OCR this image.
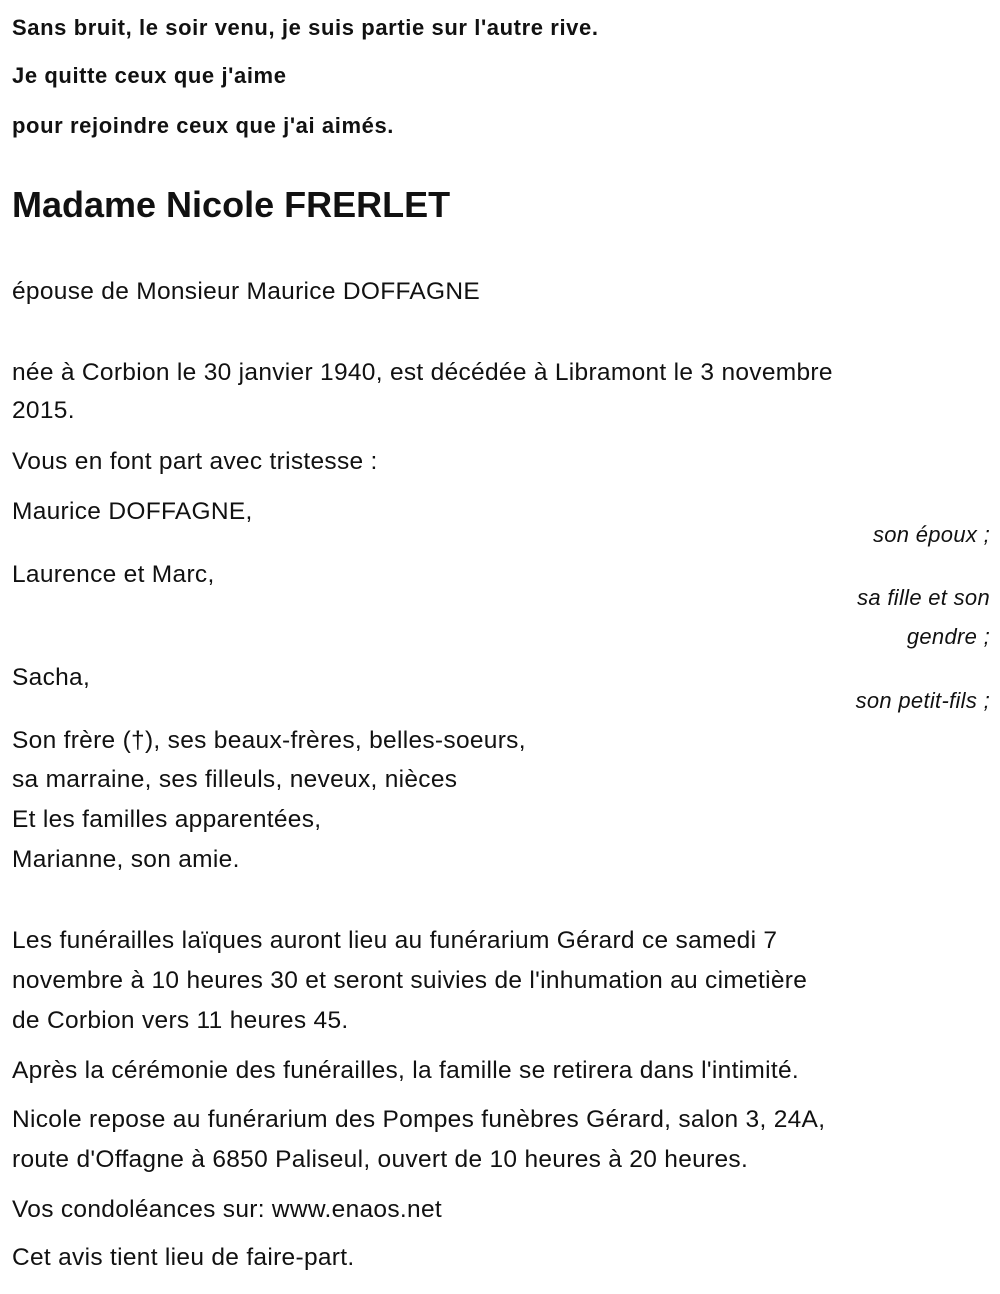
Sans bruit, le soir venu, je suis partie sur l'autre rive.
Je quitte ceux que j'aime
pour rejoindre ceux que j'ai aimés.
Madame Nicole FRERLET
épouse de Monsieur Maurice DOFFAGNE
née à Corbion le 30 janvier 1940, est décédée à Libramont le 3 novembre
2015.
Vous en font part avec tristesse :
Maurice DOFFAGNE,
son époux ;
Laurence et Marc,
sa fille et son
gendre ;
Sacha,
son petit-fils ;
Son frère (†), ses beaux-frères, belles-soeurs,
sa marraine, ses filleuls, neveux, nièces
Et les familles apparentées,
Marianne, son amie.
Les funérailles laïques auront lieu au funérarium Gérard ce samedi 7
novembre à 10 heures 30 et seront suivies de l'inhumation au cimetière
de Corbion vers 11 heures 45.
Après la cérémonie des funérailles, la famille se retirera dans l'intimité.
Nicole repose au funérarium des Pompes funèbres Gérard, salon 3, 24A,
route d'Offagne à 6850 Paliseul, ouvert de 10 heures à 20 heures.
Vos condoléances sur: www.enaos.net
Cet avis tient lieu de faire-part.
